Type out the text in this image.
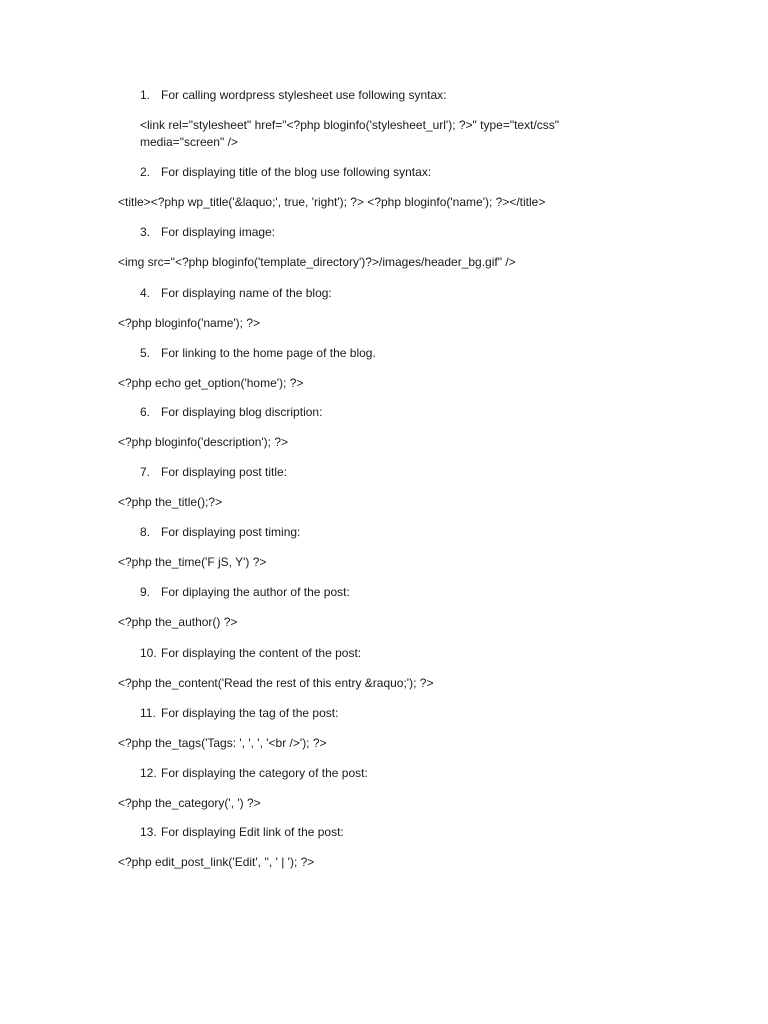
1. For calling wordpress stylesheet use following syntax:
<link rel="stylesheet" href="<?php bloginfo('stylesheet_url'); ?>" type="text/css"
media="screen" />
2. For displaying title of the blog use following syntax:
<title><?php wp_title('&laquo;', true, 'right'); ?> <?php bloginfo('name'); ?></title>
3. For displaying image:
<img src="<?php bloginfo('template_directory')?>/images/header_bg.gif" />
4. For displaying name of the blog:
<?php bloginfo('name'); ?>
5. For linking to the home page of the blog.
<?php echo get_option('home'); ?>
6. For displaying blog discription:
<?php bloginfo('description'); ?>
7. For displaying post title:
<?php the_title();?>
8. For displaying post timing:
<?php the_time('F jS, Y') ?>
9. For diplaying the author of the post:
<?php the_author() ?>
10. For displaying the content of the post:
<?php the_content('Read the rest of this entry &raquo;'); ?>
11. For displaying the tag of the post:
<?php the_tags('Tags: ', ', ', '<br />'); ?>
12. For displaying the category of the post:
<?php the_category(', ') ?>
13. For displaying Edit link of the post:
<?php edit_post_link('Edit', '', ' | '); ?>
